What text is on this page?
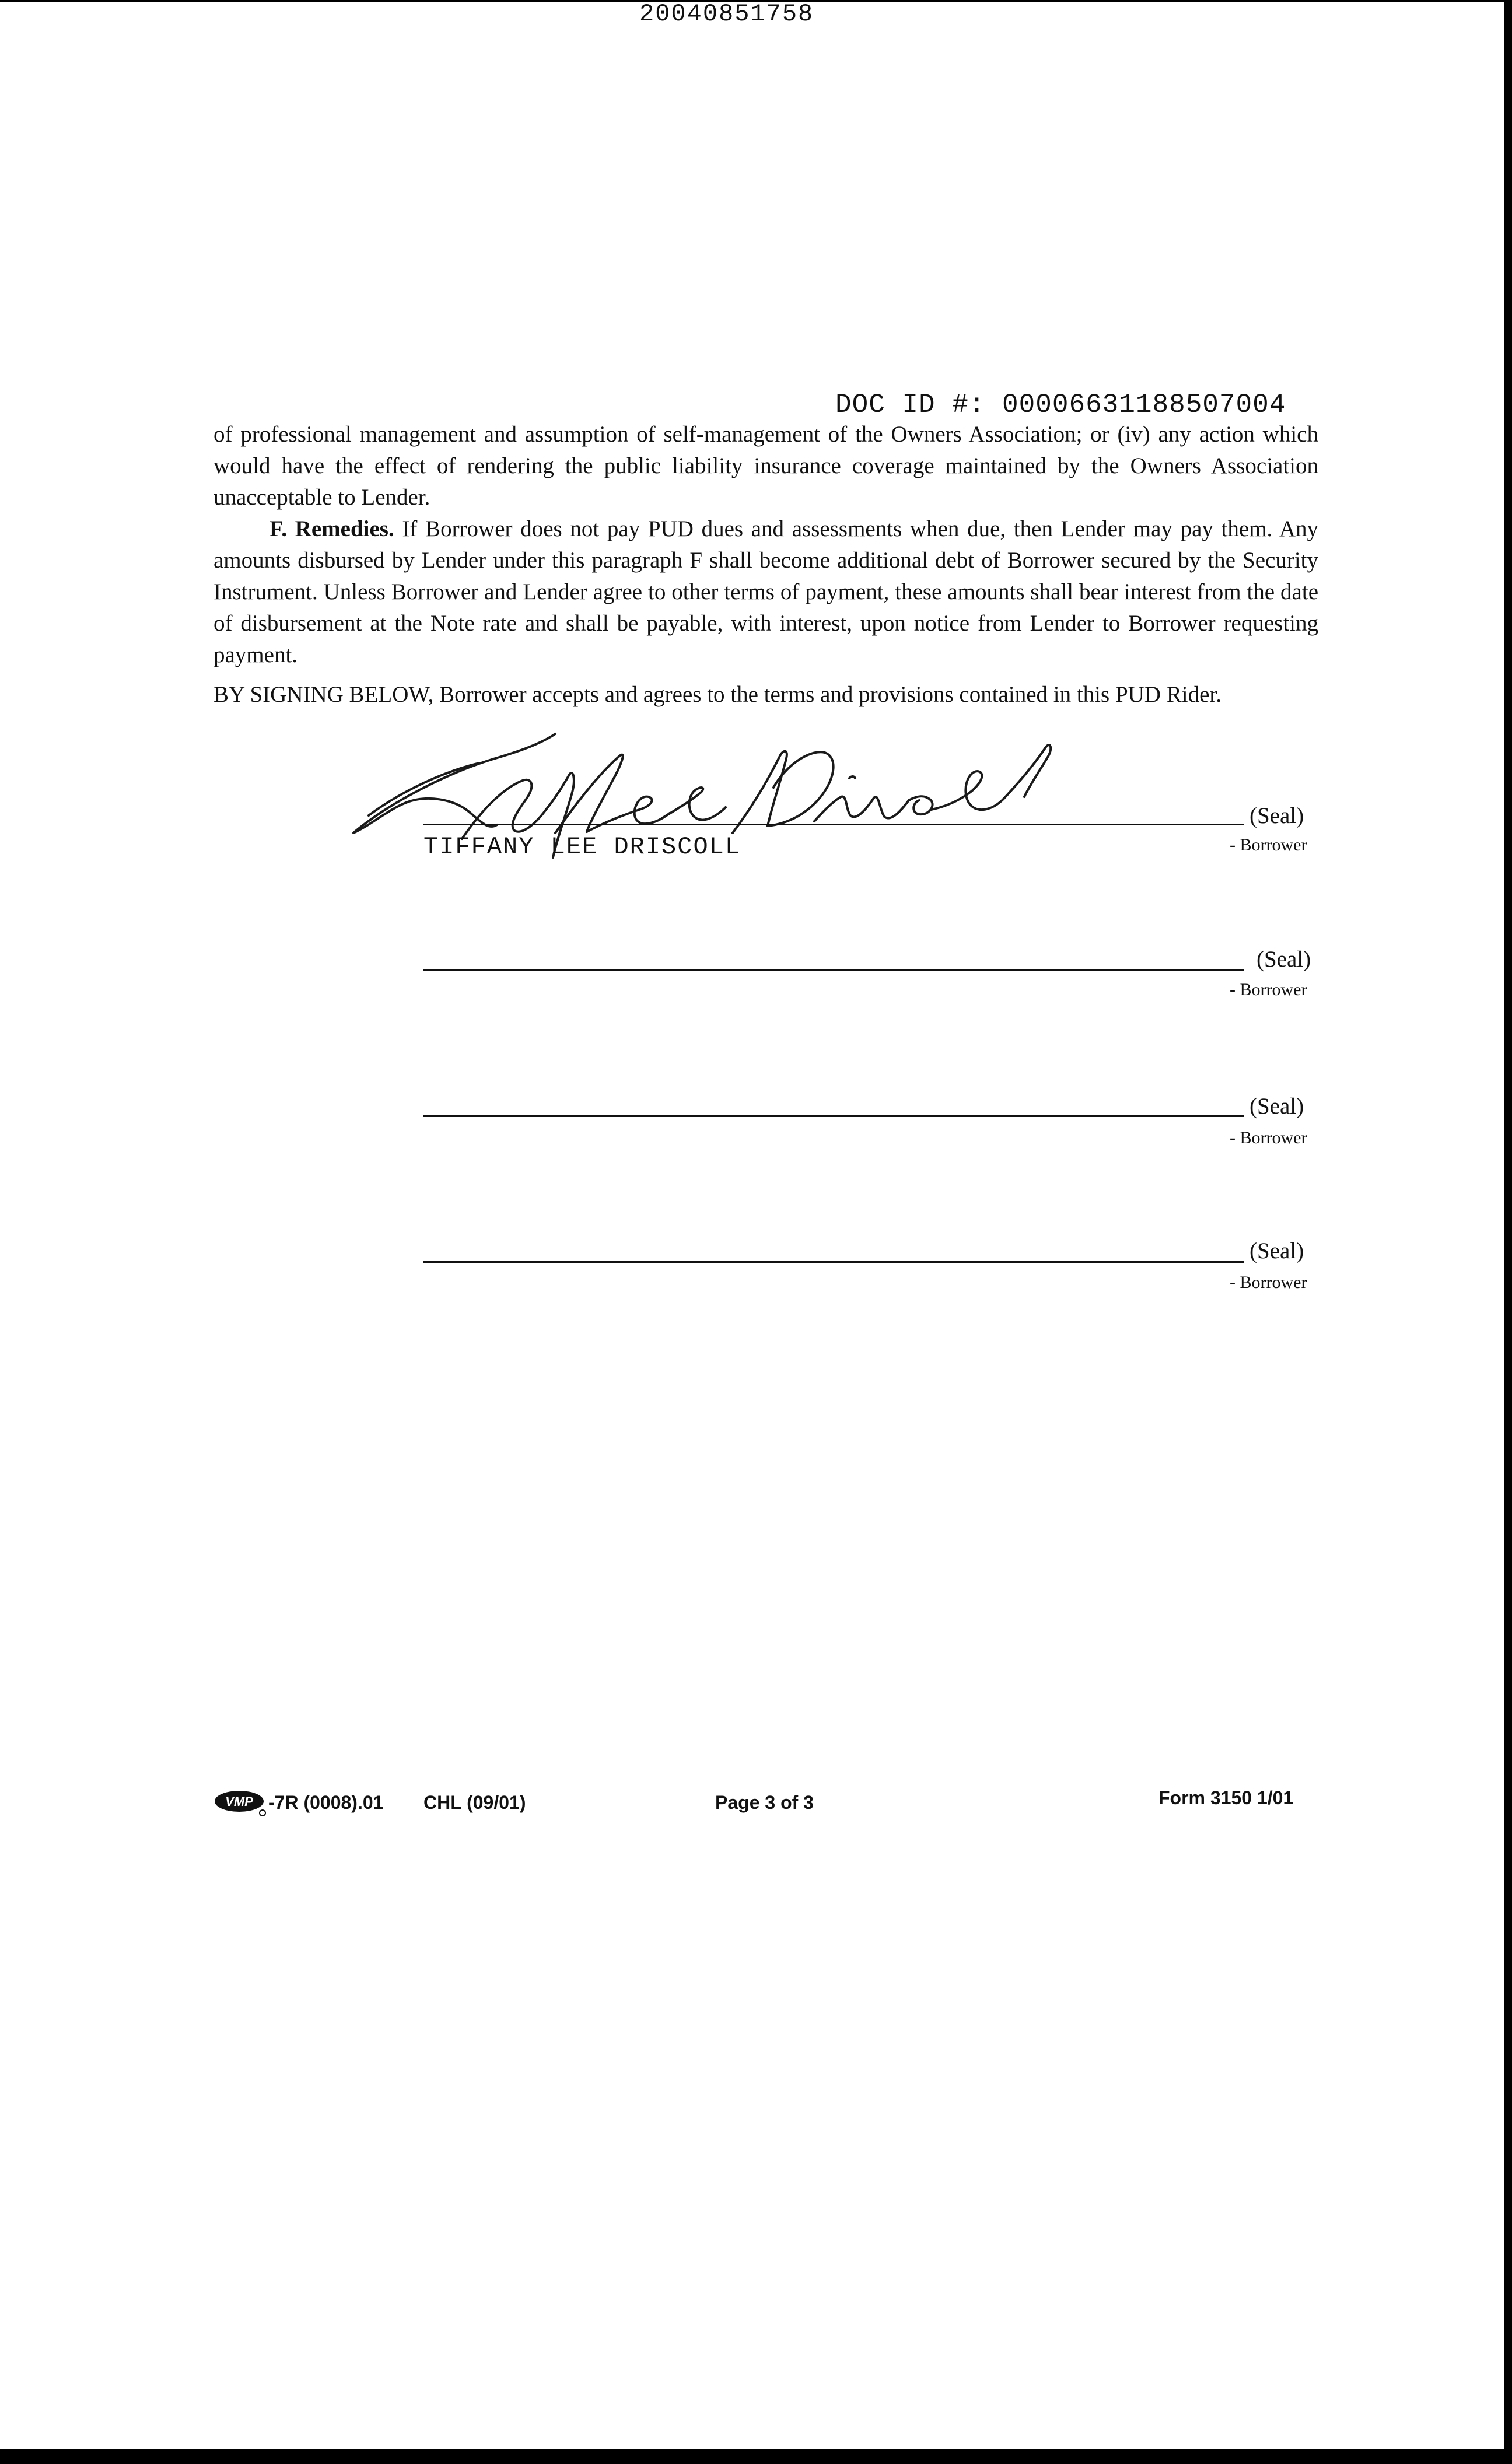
20040851758
DOC ID #: 00006631188507004
of professional management and assumption of self-management of the Owners Association; or (iv) any action which would have the effect of rendering the public liability insurance coverage maintained by the Owners Association unacceptable to Lender.
F. Remedies. If Borrower does not pay PUD dues and assessments when due, then Lender may pay them. Any amounts disbursed by Lender under this paragraph F shall become additional debt of Borrower secured by the Security Instrument. Unless Borrower and Lender agree to other terms of payment, these amounts shall bear interest from the date of disbursement at the Note rate and shall be payable, with interest, upon notice from Lender to Borrower requesting payment.
BY SIGNING BELOW, Borrower accepts and agrees to the terms and provisions contained in this PUD Rider.
(Seal)
TIFFANY LEE DRISCOLL	- Borrower
(Seal)
- Borrower
(Seal)
- Borrower
(Seal)
- Borrower
VMP -7R (0008).01 CHL (09/01)	Page 3 of 3	Form 3150 1/01
